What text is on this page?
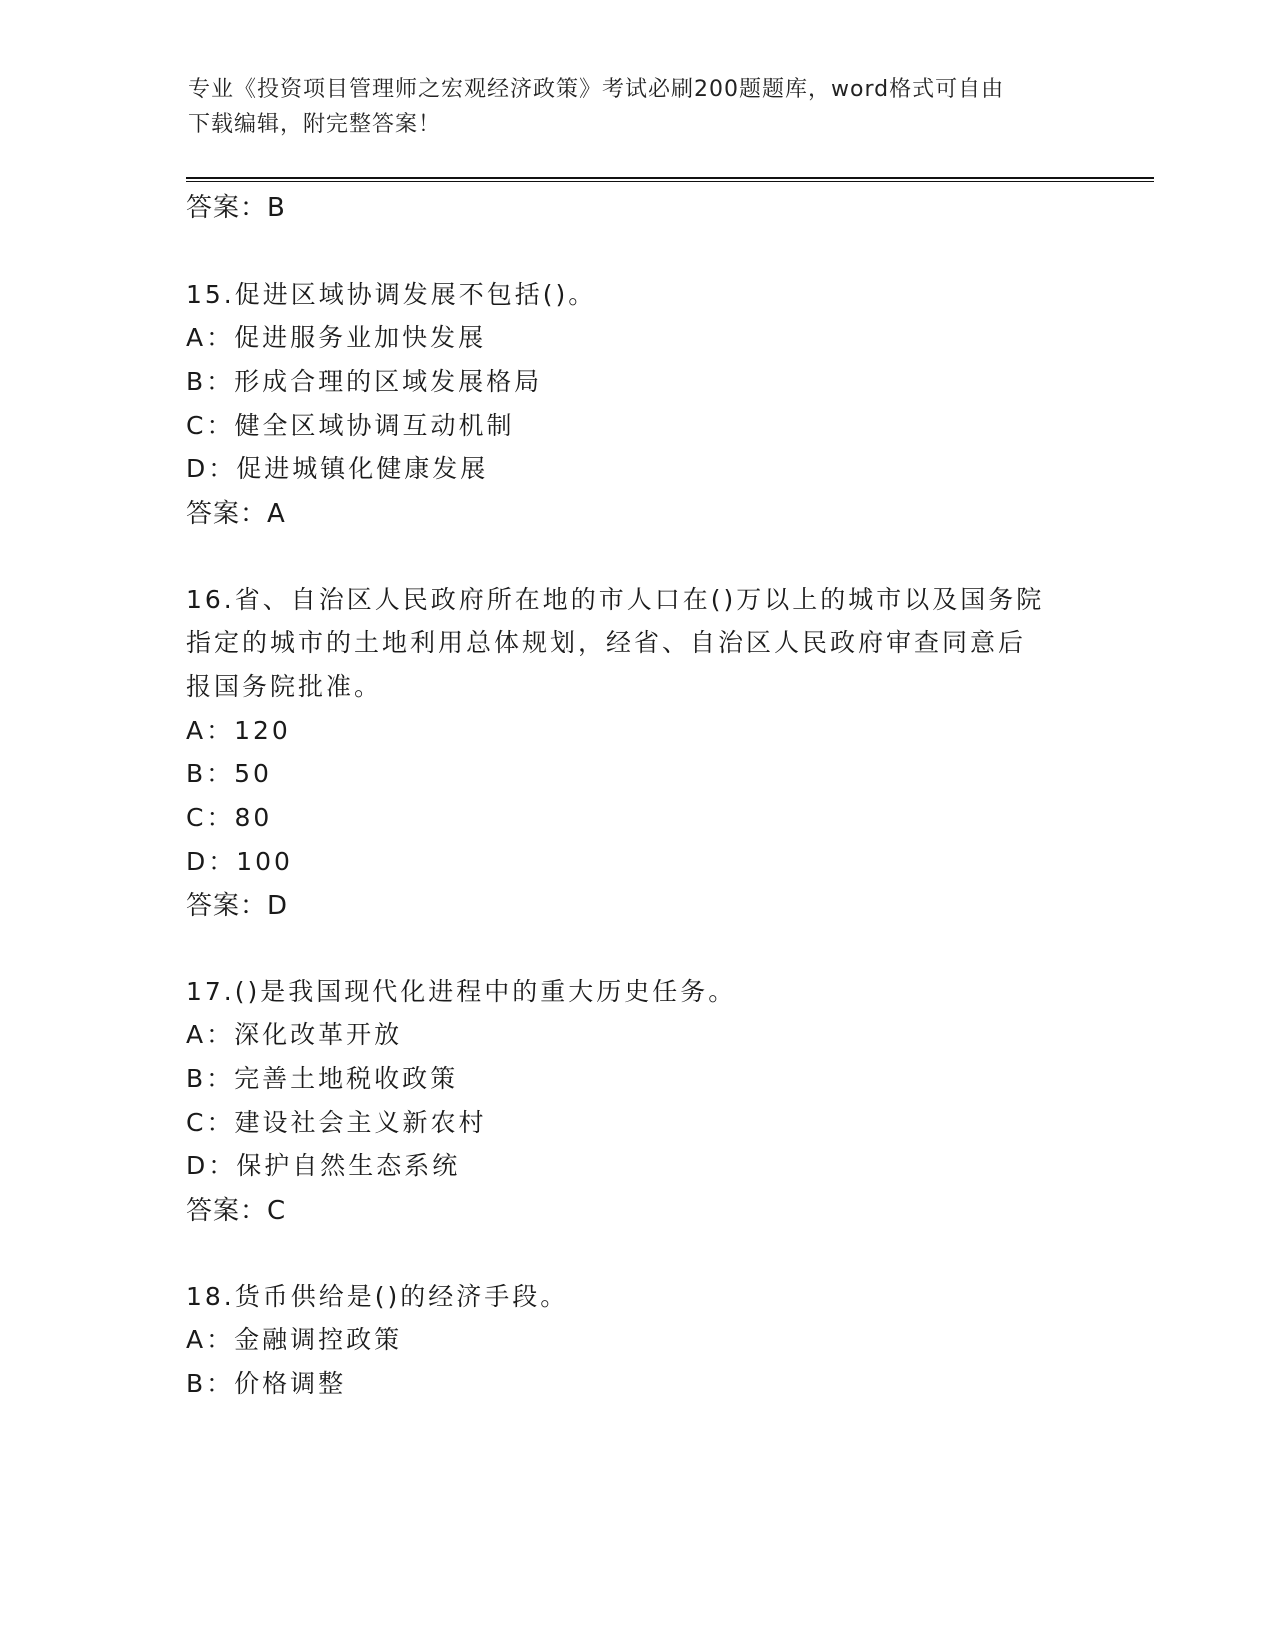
专业《投资项目管理师之宏观经济政策》考试必刷200题题库，word格式可自由
下载编辑，附完整答案！
答案：B
15.促进区域协调发展不包括()。
A：促进服务业加快发展
B：形成合理的区域发展格局
C：健全区域协调互动机制
D：促进城镇化健康发展
答案：A
16.省、自治区人民政府所在地的市人口在()万以上的城市以及国务院
指定的城市的土地利用总体规划，经省、自治区人民政府审查同意后
报国务院批准。
A：120
B：50
C：80
D：100
答案：D
17.()是我国现代化进程中的重大历史任务。
A：深化改革开放
B：完善土地税收政策
C：建设社会主义新农村
D：保护自然生态系统
答案：C
18.货币供给是()的经济手段。
A：金融调控政策
B：价格调整
